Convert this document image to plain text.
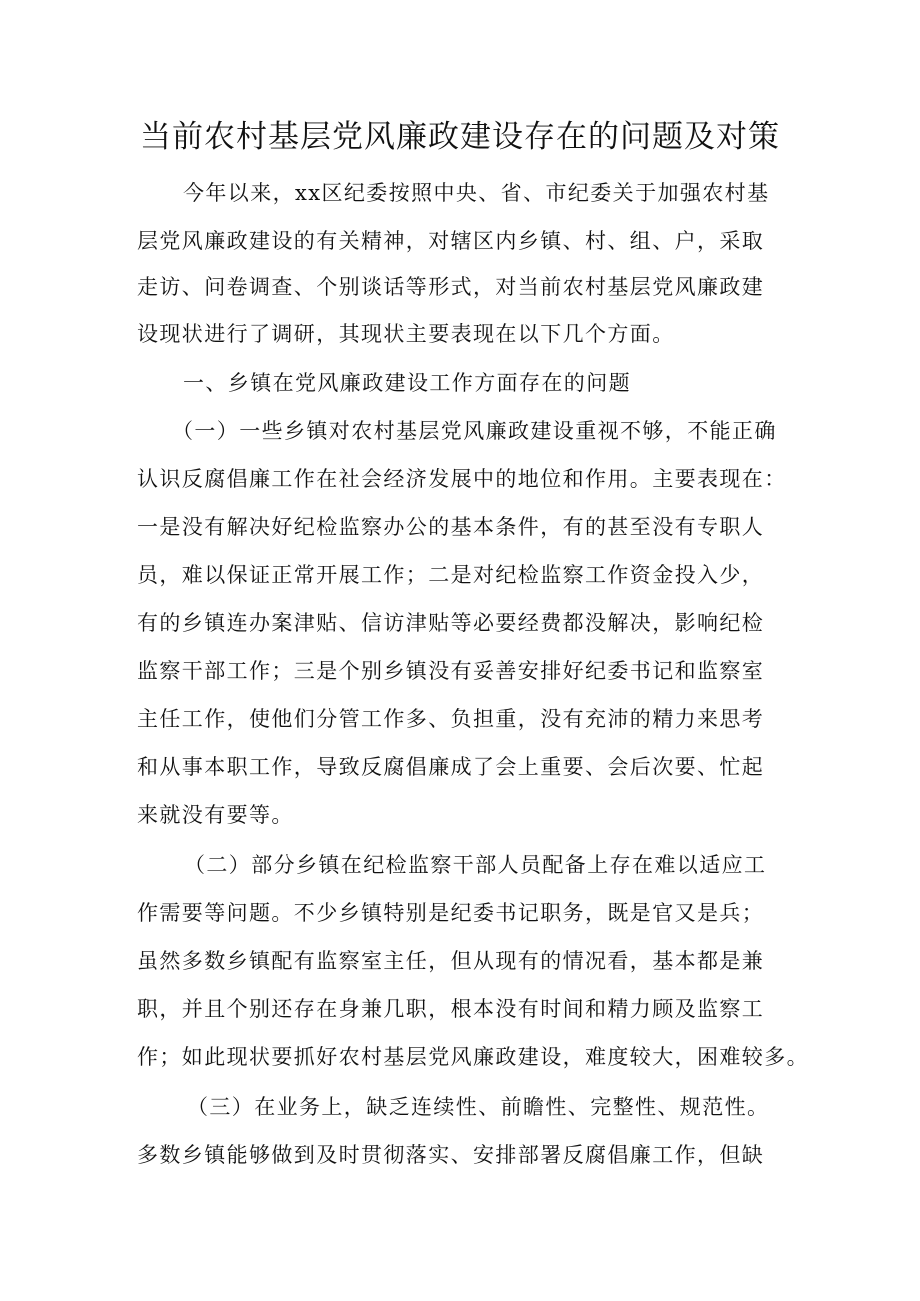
当前农村基层党风廉政建设存在的问题及对策
今年以来，xx区纪委按照中央、省、市纪委关于加强农村基
层党风廉政建设的有关精神，对辖区内乡镇、村、组、户，采取
走访、问卷调查、个别谈话等形式，对当前农村基层党风廉政建
设现状进行了调研，其现状主要表现在以下几个方面。
一、乡镇在党风廉政建设工作方面存在的问题
（一）一些乡镇对农村基层党风廉政建设重视不够，不能正确
认识反腐倡廉工作在社会经济发展中的地位和作用。主要表现在：
一是没有解决好纪检监察办公的基本条件，有的甚至没有专职人
员，难以保证正常开展工作；二是对纪检监察工作资金投入少，
有的乡镇连办案津贴、信访津贴等必要经费都没解决，影响纪检
监察干部工作；三是个别乡镇没有妥善安排好纪委书记和监察室
主任工作，使他们分管工作多、负担重，没有充沛的精力来思考
和从事本职工作，导致反腐倡廉成了会上重要、会后次要、忙起
来就没有要等。
（二）部分乡镇在纪检监察干部人员配备上存在难以适应工
作需要等问题。不少乡镇特别是纪委书记职务，既是官又是兵；
虽然多数乡镇配有监察室主任，但从现有的情况看，基本都是兼
职，并且个别还存在身兼几职，根本没有时间和精力顾及监察工
作；如此现状要抓好农村基层党风廉政建设，难度较大，困难较多。
（三）在业务上，缺乏连续性、前瞻性、完整性、规范性。
多数乡镇能够做到及时贯彻落实、安排部署反腐倡廉工作，但缺
